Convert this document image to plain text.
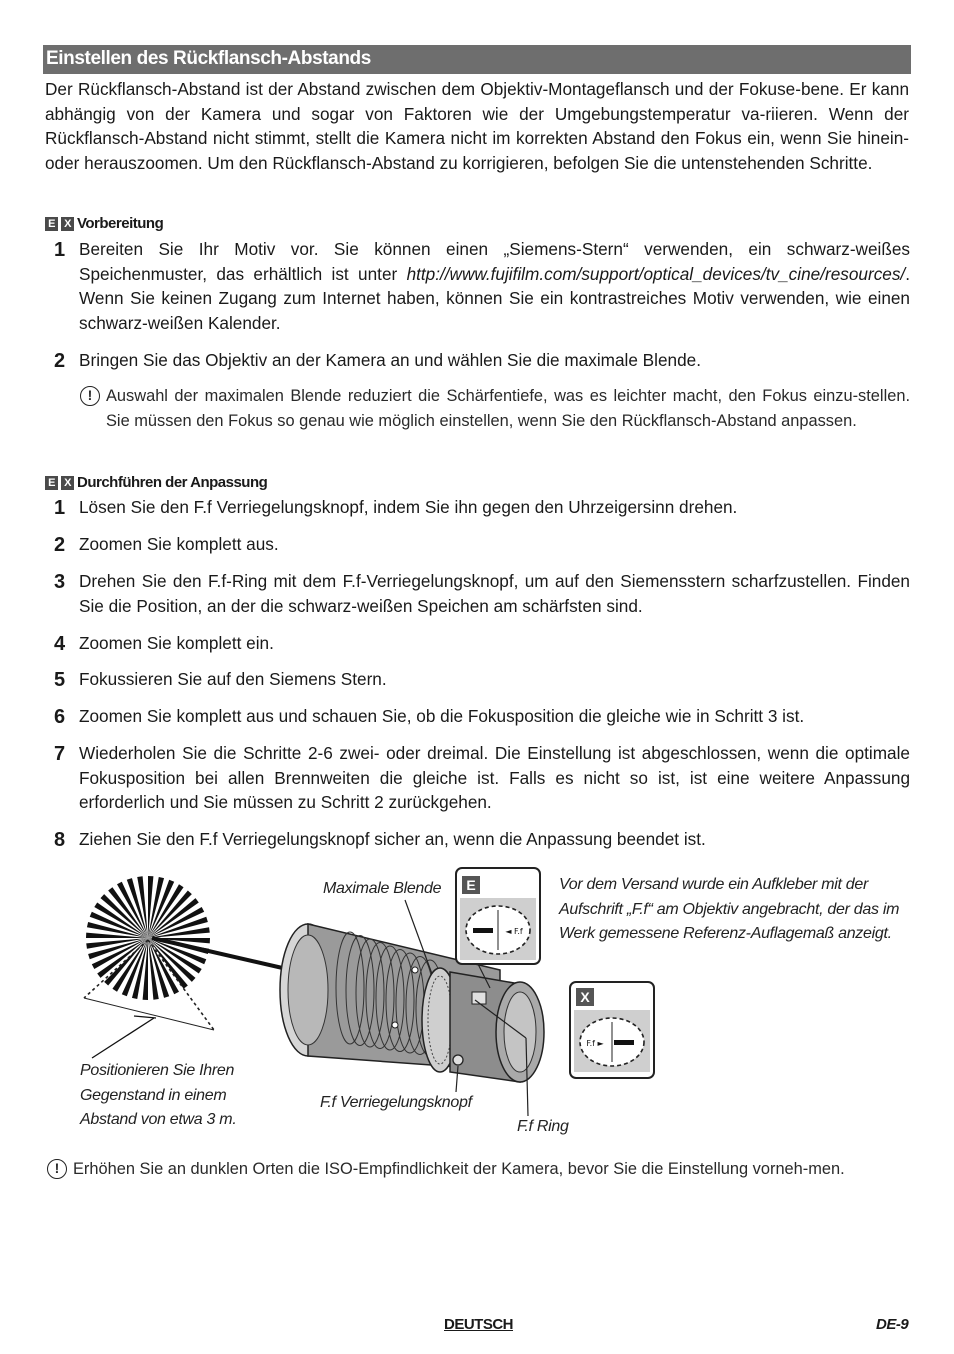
Einstellen des Rückflansch-Abstands

Der Rückflansch-Abstand ist der Abstand zwischen dem Objektiv-Montageflansch und der Fokuse-bene. Er kann abhängig von der Kamera und sogar von Faktoren wie der Umgebungstemperatur va-riieren. Wenn der Rückflansch-Abstand nicht stimmt, stellt die Kamera nicht im korrekten Abstand den Fokus ein, wenn Sie hinein- oder herauszoomen. Um den Rückflansch-Abstand zu korrigieren, befolgen Sie die untenstehenden Schritte.

E X Vorbereitung
1 Bereiten Sie Ihr Motiv vor. Sie können einen „Siemens-Stern“ verwenden, ein schwarz-weißes Speichenmuster, das erhältlich ist unter http://www.fujifilm.com/support/optical_devices/tv_cine/resources/. Wenn Sie keinen Zugang zum Internet haben, können Sie ein kontrastreiches Motiv verwenden, wie einen schwarz-weißen Kalender.
2 Bringen Sie das Objektiv an der Kamera an und wählen Sie die maximale Blende.
! Auswahl der maximalen Blende reduziert die Schärfentiefe, was es leichter macht, den Fokus einzu-stellen. Sie müssen den Fokus so genau wie möglich einstellen, wenn Sie den Rückflansch-Abstand anpassen.
E X Durchführen der Anpassung
1 Lösen Sie den F.f Verriegelungsknopf, indem Sie ihn gegen den Uhrzeigersinn drehen.
2 Zoomen Sie komplett aus.
3 Drehen Sie den F.f-Ring mit dem F.f-Verriegelungsknopf, um auf den Siemensstern scharfzustellen. Finden Sie die Position, an der die schwarz-weißen Speichen am schärfsten sind.
4 Zoomen Sie komplett ein.
5 Fokussieren Sie auf den Siemens Stern.
6 Zoomen Sie komplett aus und schauen Sie, ob die Fokusposition die gleiche wie in Schritt 3 ist.
7 Wiederholen Sie die Schritte 2-6 zwei- oder dreimal. Die Einstellung ist abgeschlossen, wenn die optimale Fokusposition bei allen Brennweiten die gleiche ist. Falls es nicht so ist, ist eine weitere Anpassung erforderlich und Sie müssen zu Schritt 2 zurückgehen.
8 Ziehen Sie den F.f Verriegelungsknopf sicher an, wenn die Anpassung beendet ist.
E
◄ F.f
X
F.f ►
Maximale Blende	Vor dem Versand wurde ein Aufkleber mit der Aufschrift „F.f“ am Objektiv angebracht, der das im Werk gemessene Referenz-Auflagemaß anzeigt.
Positionieren Sie Ihren Gegenstand in einem Abstand von etwa 3 m.
F.f Verriegelungsknopf
F.f Ring
! Erhöhen Sie an dunklen Orten die ISO-Empfindlichkeit der Kamera, bevor Sie die Einstellung vorneh-men.
DEUTSCH	DE-9
